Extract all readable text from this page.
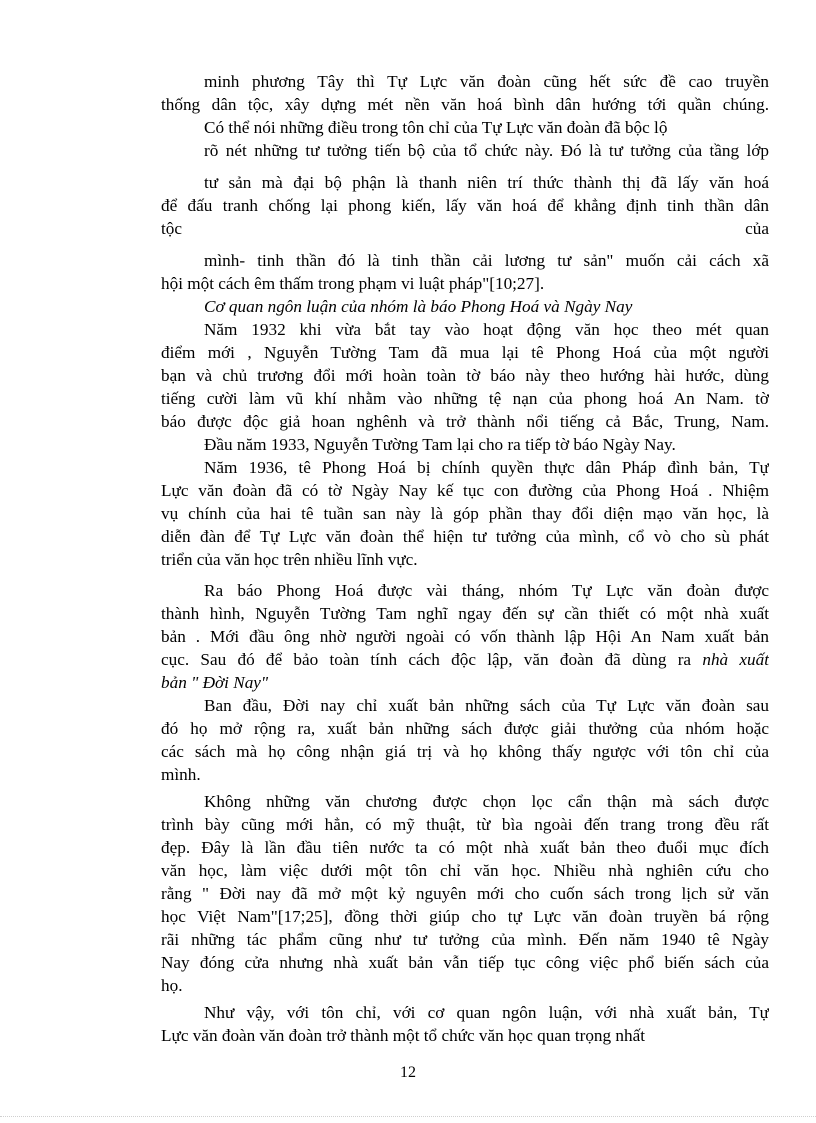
minh phương Tây thì Tự Lực văn đoàn cũng hết sức đề cao truyền
thống dân tộc, xây dựng mét nền văn hoá bình dân hướng tới quần chúng.
Có thể nói những điều trong tôn chỉ của Tự Lực văn đoàn đã bộc lộ
rõ nét những tư tưởng tiến bộ của tổ chức này. Đó là tư tưởng của tầng lớp
tư sản mà đại bộ phận là thanh niên trí thức thành thị đã lấy văn hoá
để đấu tranh chống lại phong kiến, lấy văn hoá để khẳng định tinh thần dân
tộc	của
mình- tinh thần đó là tinh thần cải lương tư sản" muốn cải cách xã
hội một cách êm thấm trong phạm vi luật pháp"[10;27].
Cơ quan ngôn luận của nhóm là báo Phong Hoá và Ngày Nay
Năm 1932 khi vừa bắt tay vào hoạt động văn học theo mét quan
điểm mới , Nguyễn Tường Tam đã mua lại tê Phong Hoá của một người
bạn và chủ trương đổi mới hoàn toàn tờ báo này theo hướng hài hước, dùng
tiếng cười làm vũ khí nhằm vào những tệ nạn của phong hoá An Nam. tờ
báo được độc giả hoan nghênh và trở thành nổi tiếng cả Bắc, Trung, Nam.
Đầu năm 1933, Nguyễn Tường Tam lại cho ra tiếp tờ báo Ngày Nay.
Năm 1936, tê Phong Hoá bị chính quyền thực dân Pháp đình bản, Tự
Lực văn đoàn đã có tờ Ngày Nay kế tục con đường của Phong Hoá . Nhiệm
vụ chính của hai tê tuần san này là góp phần thay đổi diện mạo văn học, là
diễn đàn để Tự Lực văn đoàn thể hiện tư tưởng của mình, cổ vò cho sù phát
triển của văn học trên nhiều lĩnh vực.
Ra báo Phong Hoá được vài tháng, nhóm Tự Lực văn đoàn được
thành hình, Nguyễn Tường Tam nghĩ ngay đến sự cần thiết có một nhà xuất
bản . Mới đầu ông nhờ người ngoài có vốn thành lập Hội An Nam xuất bản
cục. Sau đó để bảo toàn tính cách độc lập, văn đoàn đã dùng ra nhà xuất
bản " Đời Nay"
Ban đầu, Đời nay chỉ xuất bản những sách của Tự Lực văn đoàn sau
đó họ mở rộng ra, xuất bản những sách được giải thưởng của nhóm hoặc
các sách mà họ công nhận giá trị và họ không thấy ngược với tôn chỉ của
mình.
Không những văn chương được chọn lọc cẩn thận mà sách được
trình bày cũng mới hẳn, có mỹ thuật, từ bìa ngoài đến trang trong đều rất
đẹp. Đây là lần đầu tiên nước ta có một nhà xuất bản theo đuổi mục đích
văn học, làm việc dưới một tôn chỉ văn học. Nhiều nhà nghiên cứu cho
rằng " Đời nay đã mở một kỷ nguyên mới cho cuốn sách trong lịch sử văn
học Việt Nam"[17;25], đồng thời giúp cho tự Lực văn đoàn truyền bá rộng
rãi những tác phẩm cũng như tư tưởng của mình. Đến năm 1940 tê Ngày
Nay đóng cửa nhưng nhà xuất bản vẫn tiếp tục công việc phổ biến sách của
họ.
Như vậy, với tôn chỉ, với cơ quan ngôn luận, với nhà xuất bản, Tự
Lực văn đoàn văn đoàn trở thành một tổ chức văn học quan trọng nhất
12
